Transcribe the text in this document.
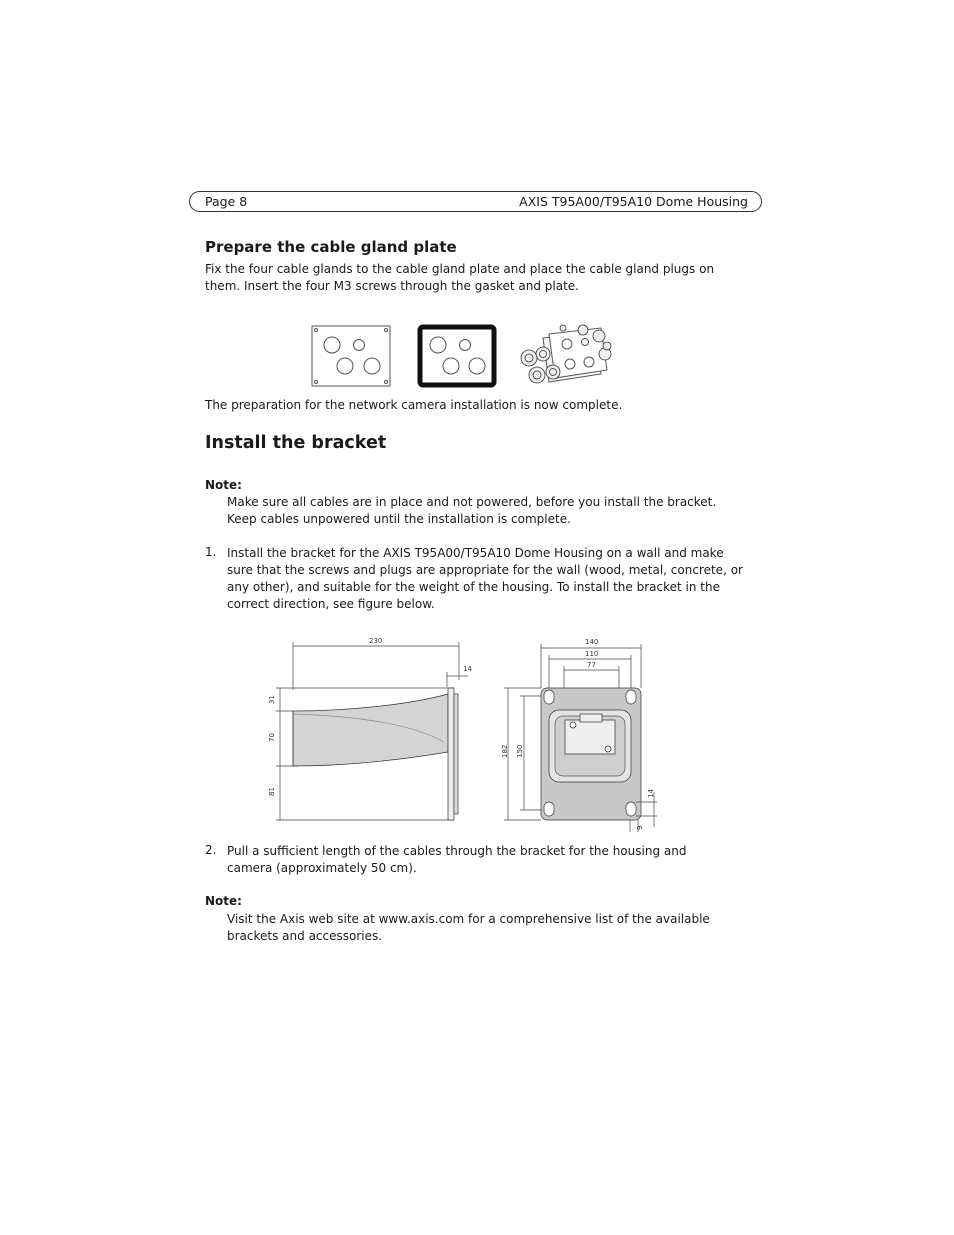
Page 8	AXIS T95A00/T95A10 Dome Housing
Prepare the cable gland plate

Fix the four cable glands to the cable gland plate and place the cable gland plugs on them. Insert the four M3 screws through the gasket and plate.

The preparation for the network camera installation is now complete.

Install the bracket
Note:

Make sure all cables are in place and not powered, before you install the bracket. Keep cables unpowered until the installation is complete.

1. Install the bracket for the AXIS T95A00/T95A10 Dome Housing on a wall and make sure that the screws and plugs are appropriate for the wall (wood, metal, concrete, or any other), and suitable for the weight of the housing. To install the bracket in the correct direction, see figure below.

230
14
31
70
81
140
110
77
182 150
14
9
2. Pull a sufficient length of the cables through the bracket for the housing and camera (approximately 50 cm).

Note:

Visit the Axis web site at www.axis.com for a comprehensive list of the available brackets and accessories.
